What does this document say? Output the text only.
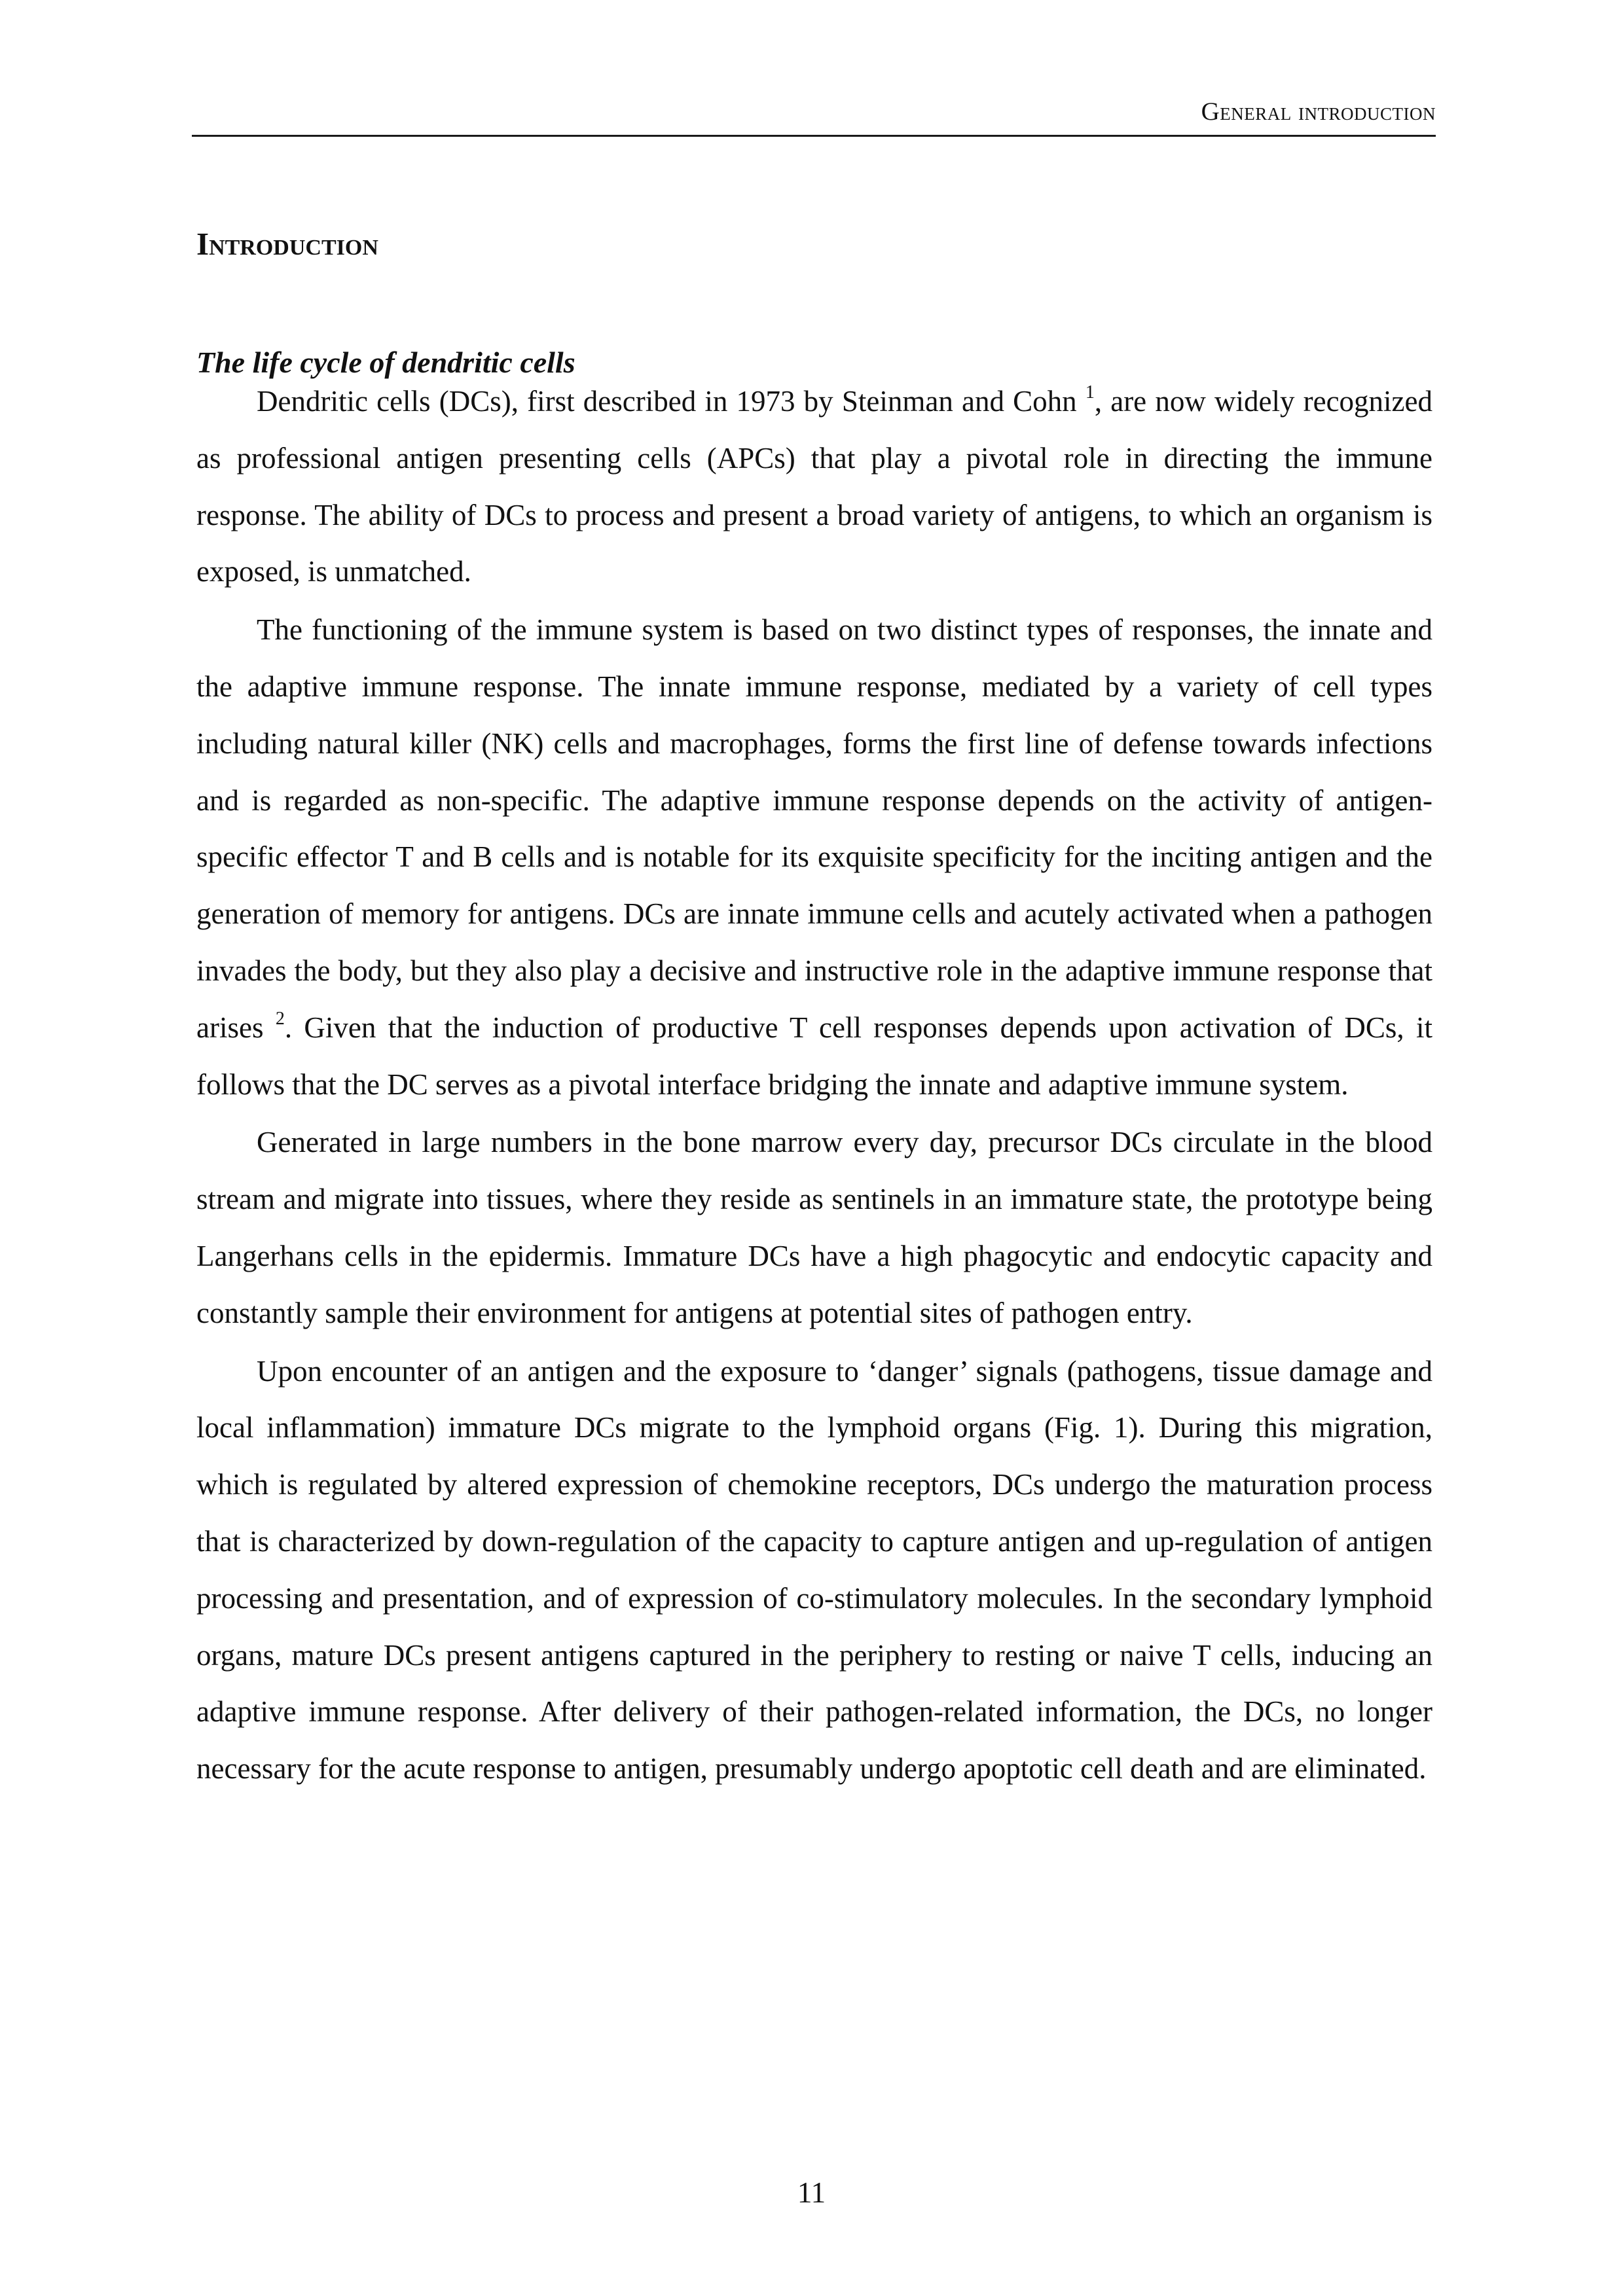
General introduction
Introduction
The life cycle of dendritic cells

Dendritic cells (DCs), first described in 1973 by Steinman and Cohn $^1$, are now widely recognized as professional antigen presenting cells (APCs) that play a pivotal role in directing the immune response. The ability of DCs to process and present a broad variety of antigens, to which an organism is exposed, is unmatched.

The functioning of the immune system is based on two distinct types of responses, the innate and the adaptive immune response. The innate immune response, mediated by a variety of cell types including natural killer (NK) cells and macrophages, forms the first line of defense towards infections and is regarded as non-specific. The adaptive immune response depends on the activity of antigen-specific effector T and B cells and is notable for its exquisite specificity for the inciting antigen and the generation of memory for antigens. DCs are innate immune cells and acutely activated when a pathogen invades the body, but they also play a decisive and instructive role in the adaptive immune response that arises $^2$. Given that the induction of productive T cell responses depends upon activation of DCs, it follows that the DC serves as a pivotal interface bridging the innate and adaptive immune system.

Generated in large numbers in the bone marrow every day, precursor DCs circulate in the blood stream and migrate into tissues, where they reside as sentinels in an immature state, the prototype being Langerhans cells in the epidermis. Immature DCs have a high phagocytic and endocytic capacity and constantly sample their environment for antigens at potential sites of pathogen entry.

Upon encounter of an antigen and the exposure to ‘danger’ signals (pathogens, tissue damage and local inflammation) immature DCs migrate to the lymphoid organs (Fig. 1). During this migration, which is regulated by altered expression of chemokine receptors, DCs undergo the maturation process that is characterized by down-regulation of the capacity to capture antigen and up-regulation of antigen processing and presentation, and of expression of co-stimulatory molecules. In the secondary lymphoid organs, mature DCs present antigens captured in the periphery to resting or naive T cells, inducing an adaptive immune response. After delivery of their pathogen-related information, the DCs, no longer necessary for the acute response to antigen, presumably undergo apoptotic cell death and are eliminated.

11
